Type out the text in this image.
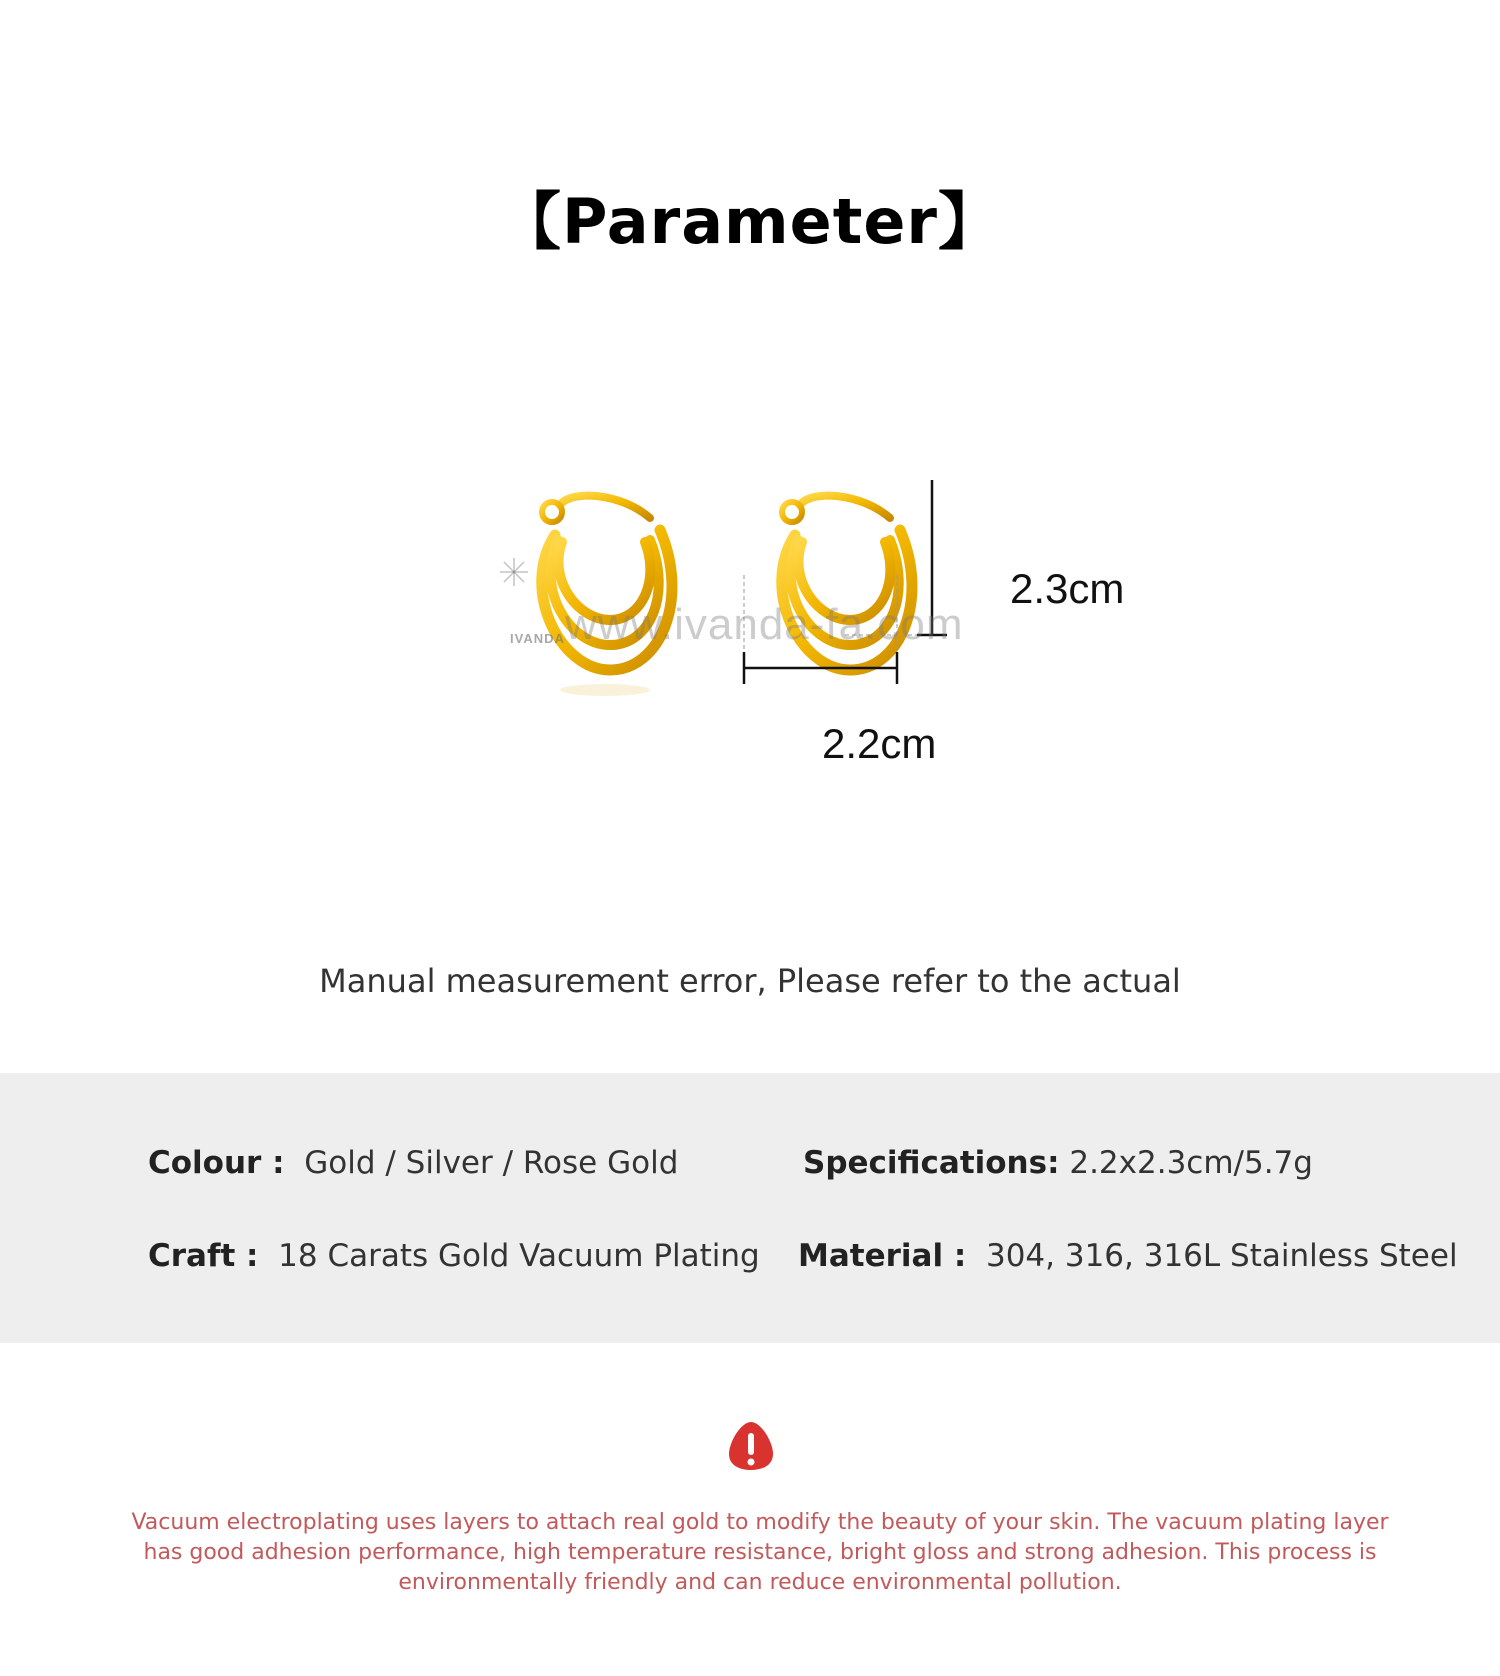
【Parameter】
2.3cm
2.2cm
www.ivanda-fa.com
IVANDA
Manual measurement error, Please refer to the actual
Colour : Gold / Silver / Rose Gold	Specifications: 2.2x2.3cm/5.7g
Craft : 18 Carats Gold Vacuum Plating Material : 304, 316, 316L Stainless Steel
Vacuum electroplating uses layers to attach real gold to modify the beauty of your skin. The vacuum plating layer has good adhesion performance, high temperature resistance, bright gloss and strong adhesion. This process is environmentally friendly and can reduce environmental pollution.
